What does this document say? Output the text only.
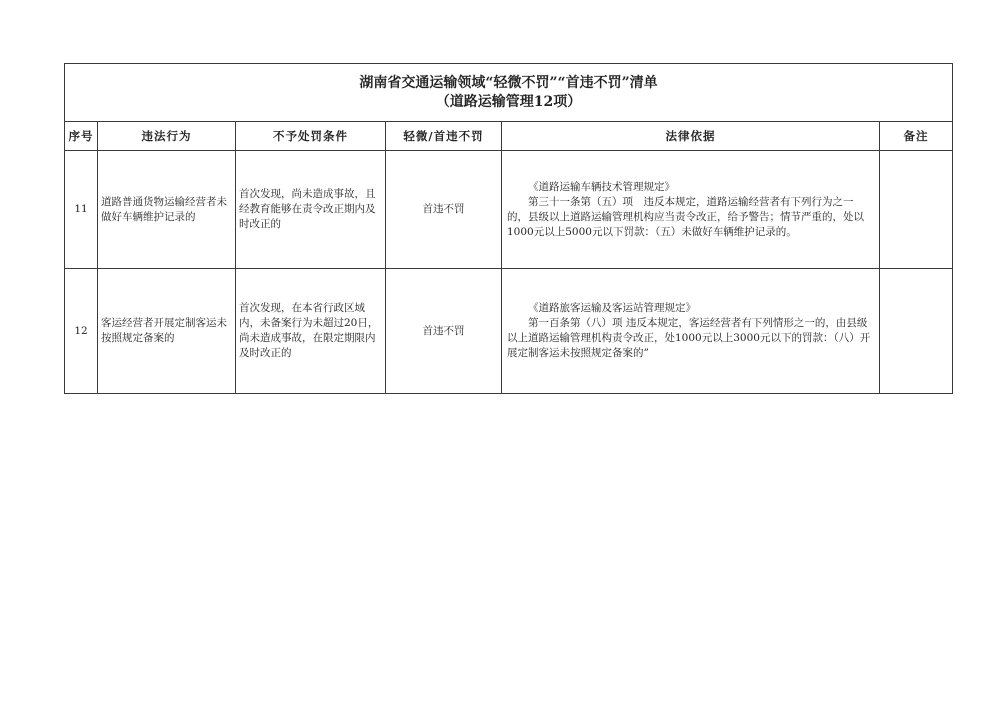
湖南省交通运输领域“轻微不罚”“首违不罚”清单
（道路运输管理12项）					

序号	违法行为	不予处罚条件	轻微/首违不罚	法律依据	备注
11	道路普通货物运输经营者未做好车辆维护记录的	首次发现，尚未造成事故，且经教育能够在责令改正期内及时改正的	首违不罚	《道路运输车辆技术管理规定》
第三十一条第（五）项　违反本规定，道路运输经营者有下列行为之一的，县级以上道路运输管理机构应当责令改正，给予警告；情节严重的，处以1000元以上5000元以下罚款：（五）未做好车辆维护记录的。	

12	客运经营者开展定制客运未按照规定备案的	首次发现，在本省行政区域内，未备案行为未超过20日，尚未造成事故，在限定期限内及时改正的	首违不罚	《道路旅客运输及客运站管理规定》
第一百条第（八）项 违反本规定，客运经营者有下列情形之一的，由县级以上道路运输管理机构责令改正，处1000元以上3000元以下的罚款：（八）开展定制客运未按照规定备案的”	
